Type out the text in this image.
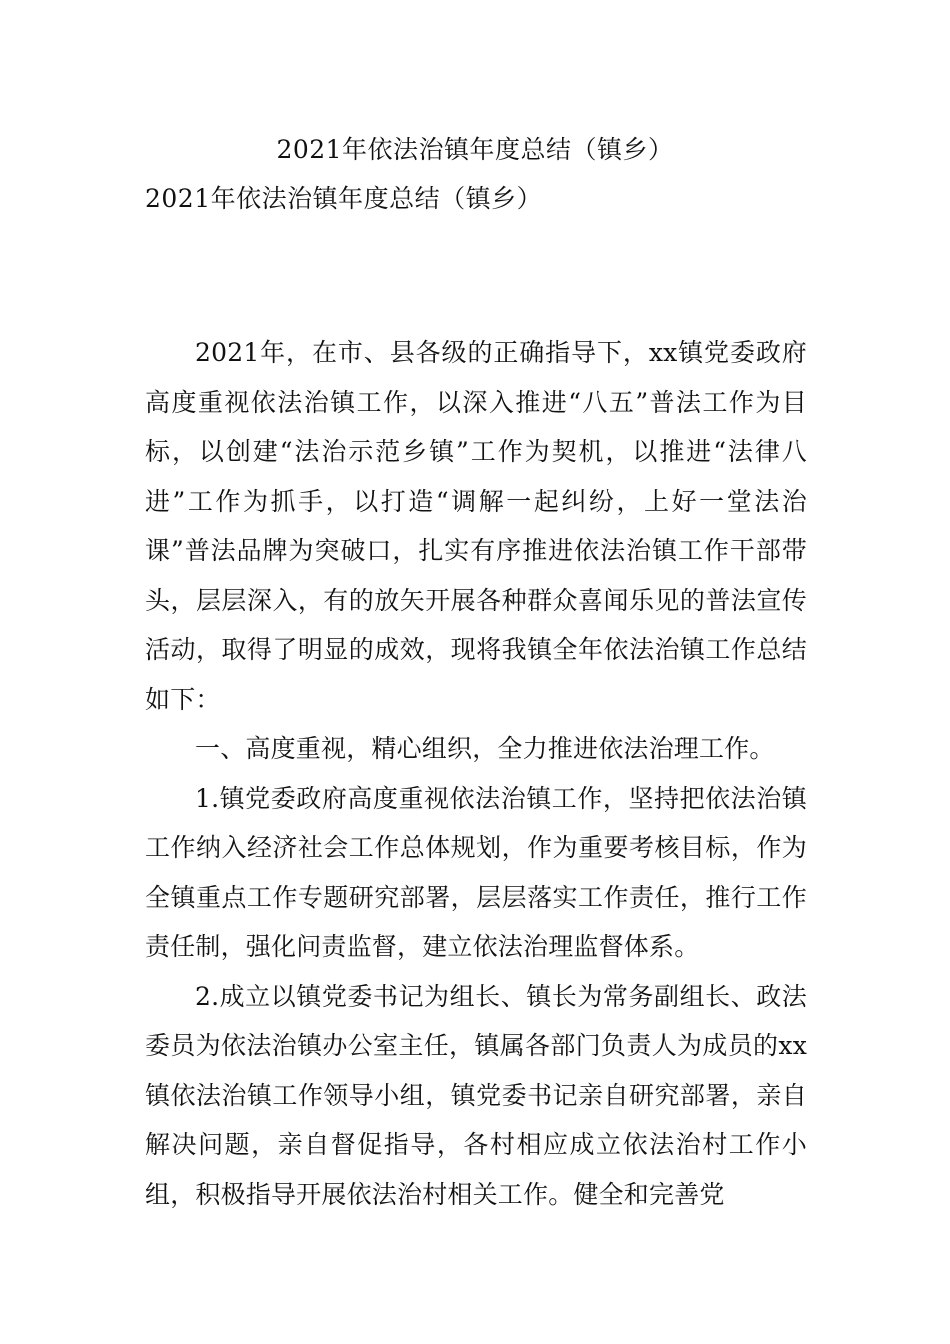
2021年依法治镇年度总结（镇乡）
2021年依法治镇年度总结（镇乡）

2021年，在市、县各级的正确指导下，xx镇党委政府高度重视依法治镇工作，以深入推进“八五”普法工作为目标，以创建“法治示范乡镇”工作为契机，以推进“法律八进”工作为抓手，以打造“调解一起纠纷，上好一堂法治课”普法品牌为突破口，扎实有序推进依法治镇工作干部带头，层层深入，有的放矢开展各种群众喜闻乐见的普法宣传活动，取得了明显的成效，现将我镇全年依法治镇工作总结如下：

一、高度重视，精心组织，全力推进依法治理工作。

1.镇党委政府高度重视依法治镇工作，坚持把依法治镇工作纳入经济社会工作总体规划，作为重要考核目标，作为全镇重点工作专题研究部署，层层落实工作责任，推行工作责任制，强化问责监督，建立依法治理监督体系。

2.成立以镇党委书记为组长、镇长为常务副组长、政法委员为依法治镇办公室主任，镇属各部门负责人为成员的xx镇依法治镇工作领导小组，镇党委书记亲自研究部署，亲自解决问题，亲自督促指导，各村相应成立依法治村工作小组，积极指导开展依法治村相关工作。健全和完善党
